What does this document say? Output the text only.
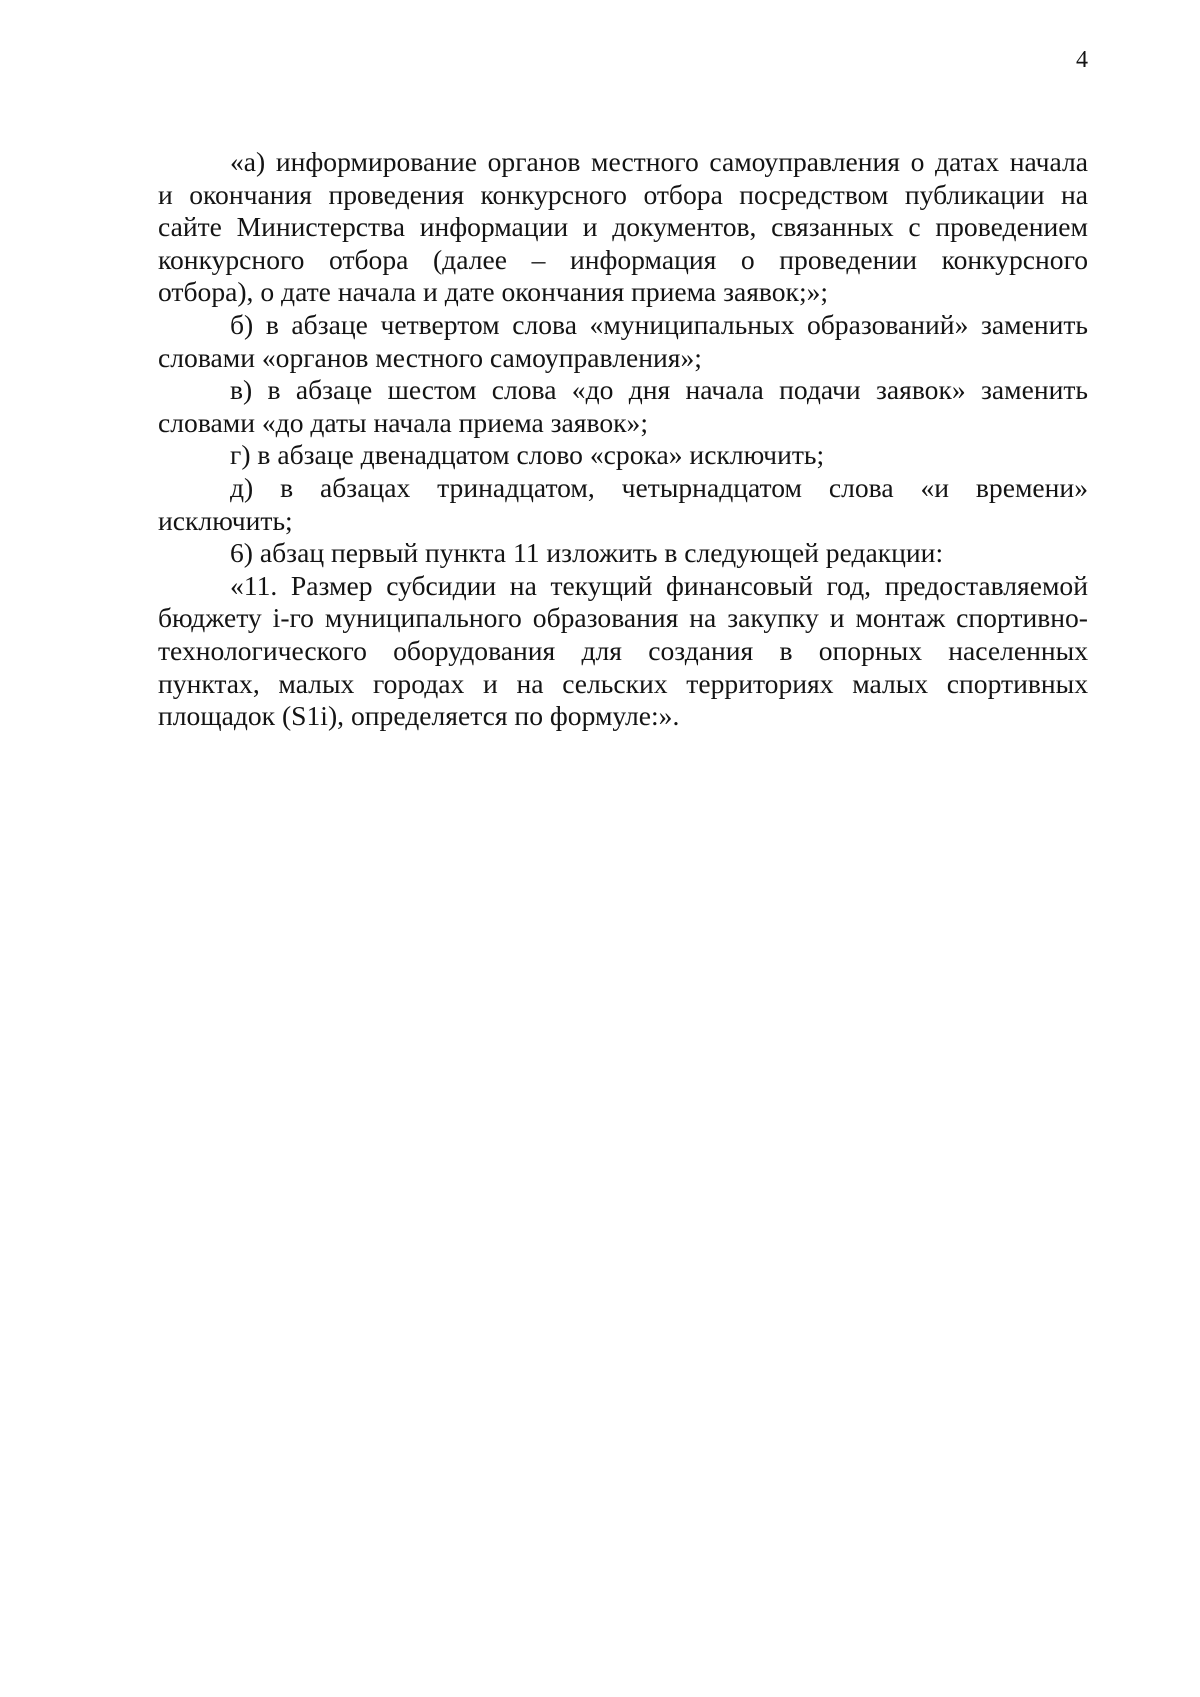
4
«а) информирование органов местного самоуправления о датах начала
и окончания проведения конкурсного отбора посредством публикации на
сайте Министерства информации и документов, связанных с проведением
конкурсного отбора (далее – информация о проведении конкурсного
отбора), о дате начала и дате окончания приема заявок;»;
б) в абзаце четвертом слова «муниципальных образований» заменить
словами «органов местного самоуправления»;
в) в абзаце шестом слова «до дня начала подачи заявок» заменить
словами «до даты начала приема заявок»;
г) в абзаце двенадцатом слово «срока» исключить;
д) в абзацах тринадцатом, четырнадцатом слова «и времени»
исключить;
6) абзац первый пункта 11 изложить в следующей редакции:
«11. Размер субсидии на текущий финансовый год, предоставляемой
бюджету i-го муниципального образования на закупку и монтаж спортивно-
технологического оборудования для создания в опорных населенных
пунктах, малых городах и на сельских территориях малых спортивных
площадок (S1i), определяется по формуле:».
